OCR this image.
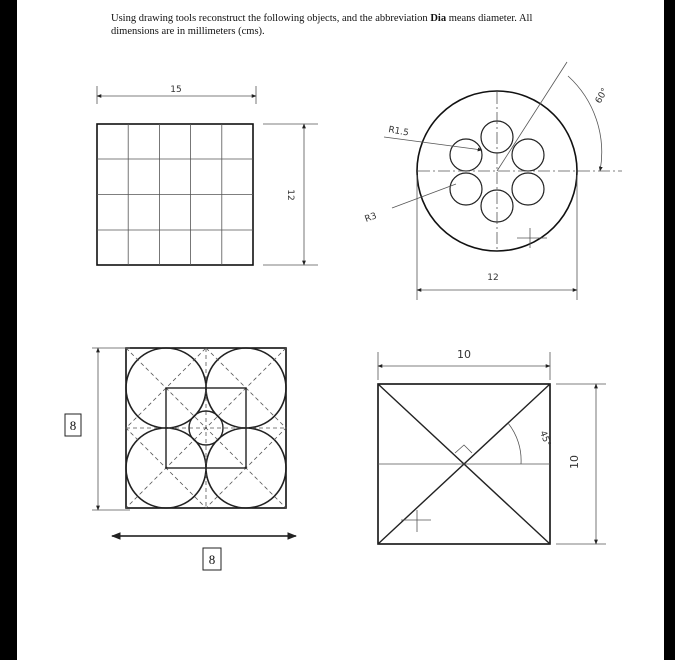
Using drawing tools reconstruct the following objects, and the abbreviation Dia means diameter. All dimensions are in millimeters (cms).
15
12
R1.5
R3
60°
12
8
8
45°
10
10
